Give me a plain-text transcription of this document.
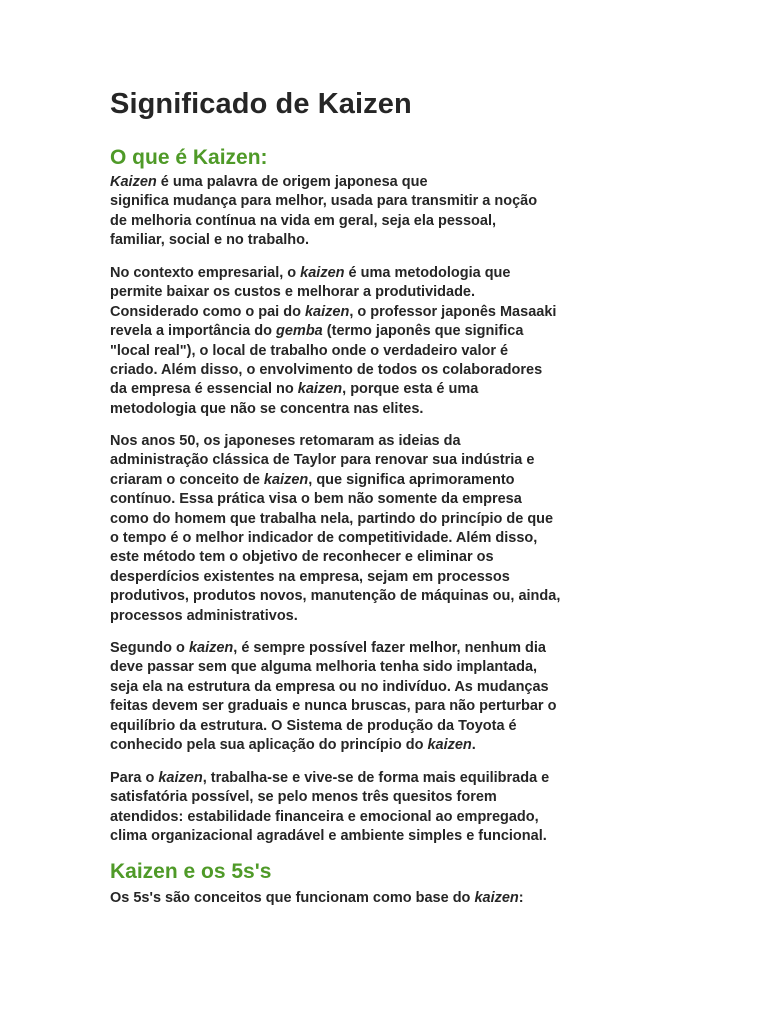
Significado de Kaizen
O que é Kaizen:

Kaizen é uma palavra de origem japonesa que
significa mudança para melhor, usada para transmitir a noção
de melhoria contínua na vida em geral, seja ela pessoal,
familiar, social e no trabalho.

No contexto empresarial, o kaizen é uma metodologia que
permite baixar os custos e melhorar a produtividade.
Considerado como o pai do kaizen, o professor japonês Masaaki
revela a importância do gemba (termo japonês que significa
"local real"), o local de trabalho onde o verdadeiro valor é
criado. Além disso, o envolvimento de todos os colaboradores
da empresa é essencial no kaizen, porque esta é uma
metodologia que não se concentra nas elites.

Nos anos 50, os japoneses retomaram as ideias da
administração clássica de Taylor para renovar sua indústria e
criaram o conceito de kaizen, que significa aprimoramento
contínuo. Essa prática visa o bem não somente da empresa
como do homem que trabalha nela, partindo do princípio de que
o tempo é o melhor indicador de competitividade. Além disso,
este método tem o objetivo de reconhecer e eliminar os
desperdícios existentes na empresa, sejam em processos
produtivos, produtos novos, manutenção de máquinas ou, ainda,
processos administrativos.

Segundo o kaizen, é sempre possível fazer melhor, nenhum dia
deve passar sem que alguma melhoria tenha sido implantada,
seja ela na estrutura da empresa ou no indivíduo. As mudanças
feitas devem ser graduais e nunca bruscas, para não perturbar o
equilíbrio da estrutura. O Sistema de produção da Toyota é
conhecido pela sua aplicação do princípio do kaizen.

Para o kaizen, trabalha-se e vive-se de forma mais equilibrada e
satisfatória possível, se pelo menos três quesitos forem
atendidos: estabilidade financeira e emocional ao empregado,
clima organizacional agradável e ambiente simples e funcional.

Kaizen e os 5s's

Os 5s's são conceitos que funcionam como base do kaizen:
